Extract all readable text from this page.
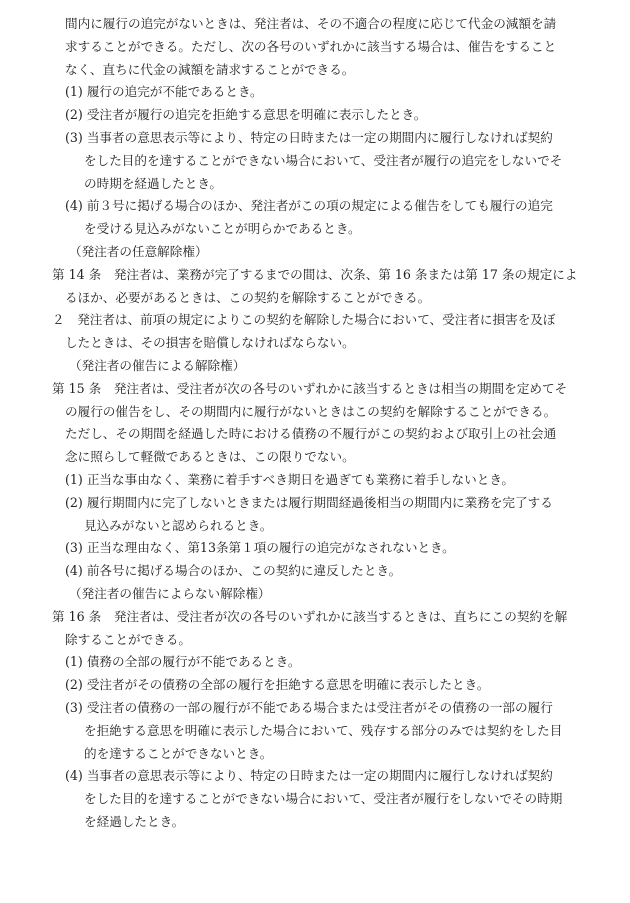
間内に履行の追完がないときは、発注者は、その不適合の程度に応じて代金の減額を請
求することができる。ただし、次の各号のいずれかに該当する場合は、催告をすること
なく、直ちに代金の減額を請求することができる。
(1) 履行の追完が不能であるとき。
(2) 受注者が履行の追完を拒絶する意思を明確に表示したとき。
(3) 当事者の意思表示等により、特定の日時または一定の期間内に履行しなければ契約
をした目的を達することができない場合において、受注者が履行の追完をしないでそ
の時期を経過したとき。
(4) 前３号に掲げる場合のほか、発注者がこの項の規定による催告をしても履行の追完
を受ける見込みがないことが明らかであるとき。
（発注者の任意解除権）
第 14 条　発注者は、業務が完了するまでの間は、次条、第 16 条または第 17 条の規定によ
るほか、必要があるときは、この契約を解除することができる。
２　発注者は、前項の規定によりこの契約を解除した場合において、受注者に損害を及ぼ
したときは、その損害を賠償しなければならない。
（発注者の催告による解除権）
第 15 条　発注者は、受注者が次の各号のいずれかに該当するときは相当の期間を定めてそ
の履行の催告をし、その期間内に履行がないときはこの契約を解除することができる。
ただし、その期間を経過した時における債務の不履行がこの契約および取引上の社会通
念に照らして軽微であるときは、この限りでない。
(1) 正当な事由なく、業務に着手すべき期日を過ぎても業務に着手しないとき。
(2) 履行期間内に完了しないときまたは履行期間経過後相当の期間内に業務を完了する
見込みがないと認められるとき。
(3) 正当な理由なく、第13条第１項の履行の追完がなされないとき。
(4) 前各号に掲げる場合のほか、この契約に違反したとき。
（発注者の催告によらない解除権）
第 16 条　発注者は、受注者が次の各号のいずれかに該当するときは、直ちにこの契約を解
除することができる。
(1) 債務の全部の履行が不能であるとき。
(2) 受注者がその債務の全部の履行を拒絶する意思を明確に表示したとき。
(3) 受注者の債務の一部の履行が不能である場合または受注者がその債務の一部の履行
を拒絶する意思を明確に表示した場合において、残存する部分のみでは契約をした目
的を達することができないとき。
(4) 当事者の意思表示等により、特定の日時または一定の期間内に履行しなければ契約
をした目的を達することができない場合において、受注者が履行をしないでその時期
を経過したとき。
